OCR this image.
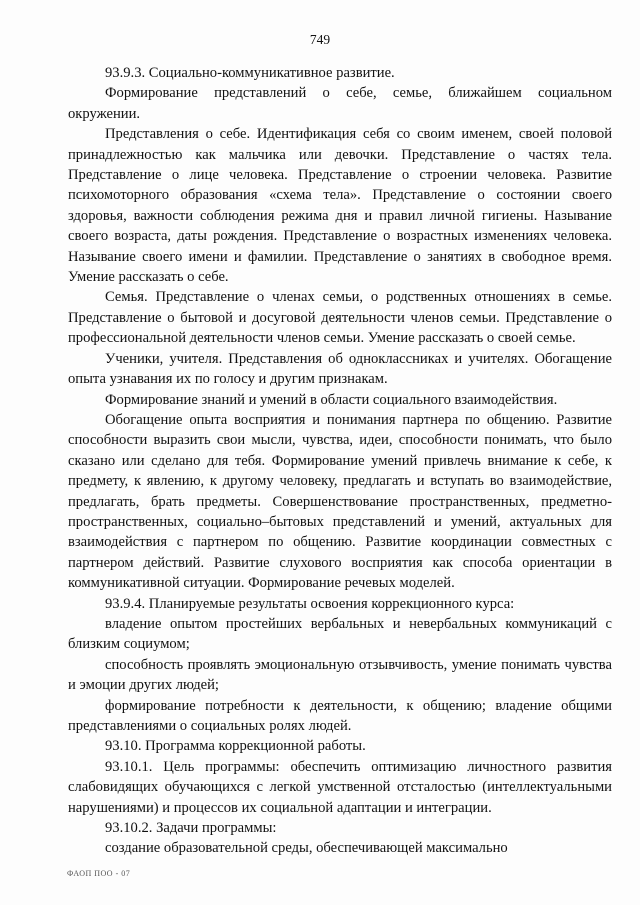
749

93.9.3. Социально-коммуникативное развитие.

Формирование представлений о себе, семье, ближайшем социальном окружении.

Представления о себе. Идентификация себя со своим именем, своей половой принадлежностью как мальчика или девочки. Представление о частях тела. Представление о лице человека. Представление о строении человека. Развитие психомоторного образования «схема тела». Представление о состоянии своего здоровья, важности соблюдения режима дня и правил личной гигиены. Называние своего возраста, даты рождения. Представление о возрастных изменениях человека. Называние своего имени и фамилии. Представление о занятиях в свободное время. Умение рассказать о себе.

Семья. Представление о членах семьи, о родственных отношениях в семье. Представление о бытовой и досуговой деятельности членов семьи. Представление о профессиональной деятельности членов семьи. Умение рассказать о своей семье.

Ученики, учителя. Представления об одноклассниках и учителях. Обогащение опыта узнавания их по голосу и другим признакам.

Формирование знаний и умений в области социального взаимодействия.

Обогащение опыта восприятия и понимания партнера по общению. Развитие способности выразить свои мысли, чувства, идеи, способности понимать, что было сказано или сделано для тебя. Формирование умений привлечь внимание к себе, к предмету, к явлению, к другому человеку, предлагать и вступать во взаимодействие, предлагать, брать предметы. Совершенствование пространственных, предметно-пространственных, социально–бытовых представлений и умений, актуальных для взаимодействия с партнером по общению. Развитие координации совместных с партнером действий. Развитие слухового восприятия как способа ориентации в коммуникативной ситуации. Формирование речевых моделей.

93.9.4. Планируемые результаты освоения коррекционного курса:

владение опытом простейших вербальных и невербальных коммуникаций с близким социумом;

способность проявлять эмоциональную отзывчивость, умение понимать чувства и эмоции других людей;

формирование потребности к деятельности, к общению; владение общими представлениями о социальных ролях людей.

93.10. Программа коррекционной работы.

93.10.1. Цель программы: обеспечить оптимизацию личностного развития слабовидящих обучающихся с легкой умственной отсталостью (интеллектуальными нарушениями) и процессов их социальной адаптации и интеграции.

93.10.2. Задачи программы:

создание образовательной среды, обеспечивающей максимально

ФАОП ПОО - 07
